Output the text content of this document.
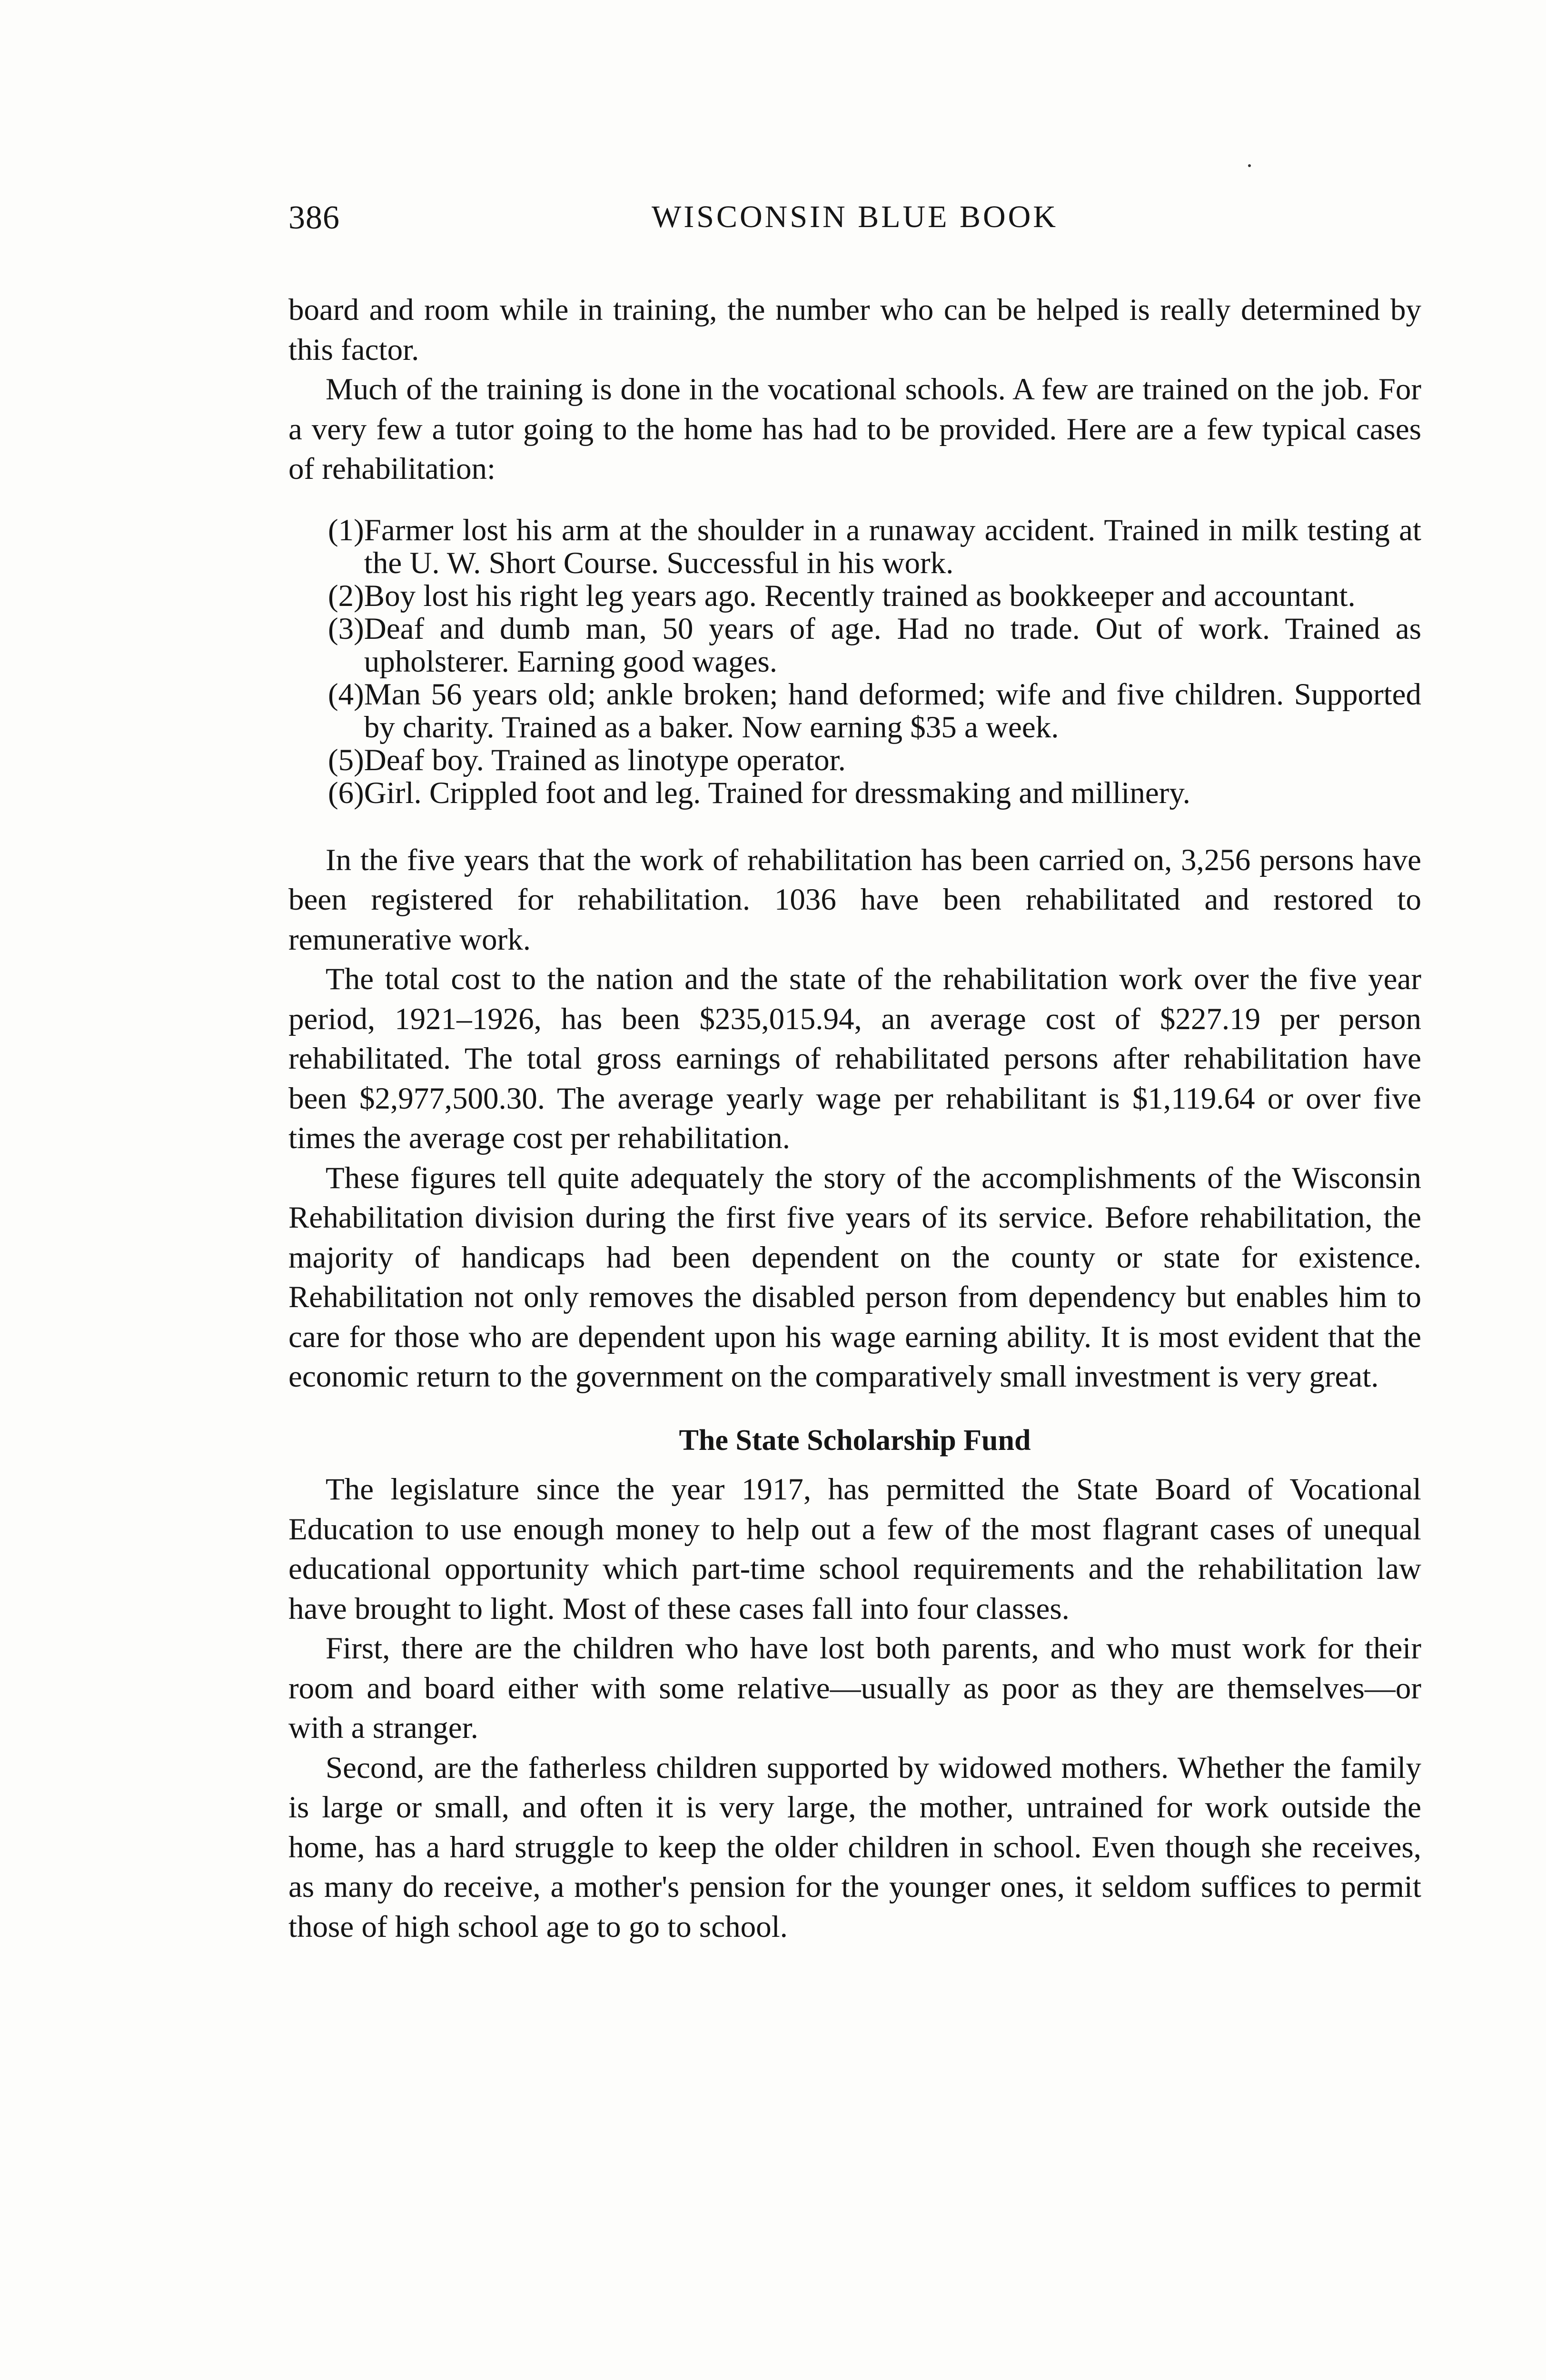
386	WISCONSIN BLUE BOOK

board and room while in training, the number who can be helped is really determined by this factor.

Much of the training is done in the vocational schools. A few are trained on the job. For a very few a tutor going to the home has had to be provided. Here are a few typical cases of rehabilitation:

(1) Farmer lost his arm at the shoulder in a runaway accident. Trained in milk testing at the U. W. Short Course. Successful in his work.
(2) Boy lost his right leg years ago. Recently trained as bookkeeper and accountant.
(3) Deaf and dumb man, 50 years of age. Had no trade. Out of work. Trained as upholsterer. Earning good wages.
(4) Man 56 years old; ankle broken; hand deformed; wife and five children. Supported by charity. Trained as a baker. Now earning $35 a week.
(5) Deaf boy. Trained as linotype operator.
(6) Girl. Crippled foot and leg. Trained for dressmaking and millinery.

In the five years that the work of rehabilitation has been carried on, 3,256 persons have been registered for rehabilitation. 1036 have been rehabilitated and restored to remunerative work.

The total cost to the nation and the state of the rehabilitation work over the five year period, 1921–1926, has been $235,015.94, an average cost of $227.19 per person rehabilitated. The total gross earnings of rehabilitated persons after rehabilitation have been $2,977,500.30. The average yearly wage per rehabilitant is $1,119.64 or over five times the average cost per rehabilitation.

These figures tell quite adequately the story of the accomplishments of the Wisconsin Rehabilitation division during the first five years of its service. Before rehabilitation, the majority of handicaps had been dependent on the county or state for existence. Rehabilitation not only removes the disabled person from dependency but enables him to care for those who are dependent upon his wage earning ability. It is most evident that the economic return to the government on the comparatively small investment is very great.

The State Scholarship Fund

The legislature since the year 1917, has permitted the State Board of Vocational Education to use enough money to help out a few of the most flagrant cases of unequal educational opportunity which part-time school requirements and the rehabilitation law have brought to light. Most of these cases fall into four classes.

First, there are the children who have lost both parents, and who must work for their room and board either with some relative—usually as poor as they are themselves—or with a stranger.

Second, are the fatherless children supported by widowed mothers. Whether the family is large or small, and often it is very large, the mother, untrained for work outside the home, has a hard struggle to keep the older children in school. Even though she receives, as many do receive, a mother's pension for the younger ones, it seldom suffices to permit those of high school age to go to school.
